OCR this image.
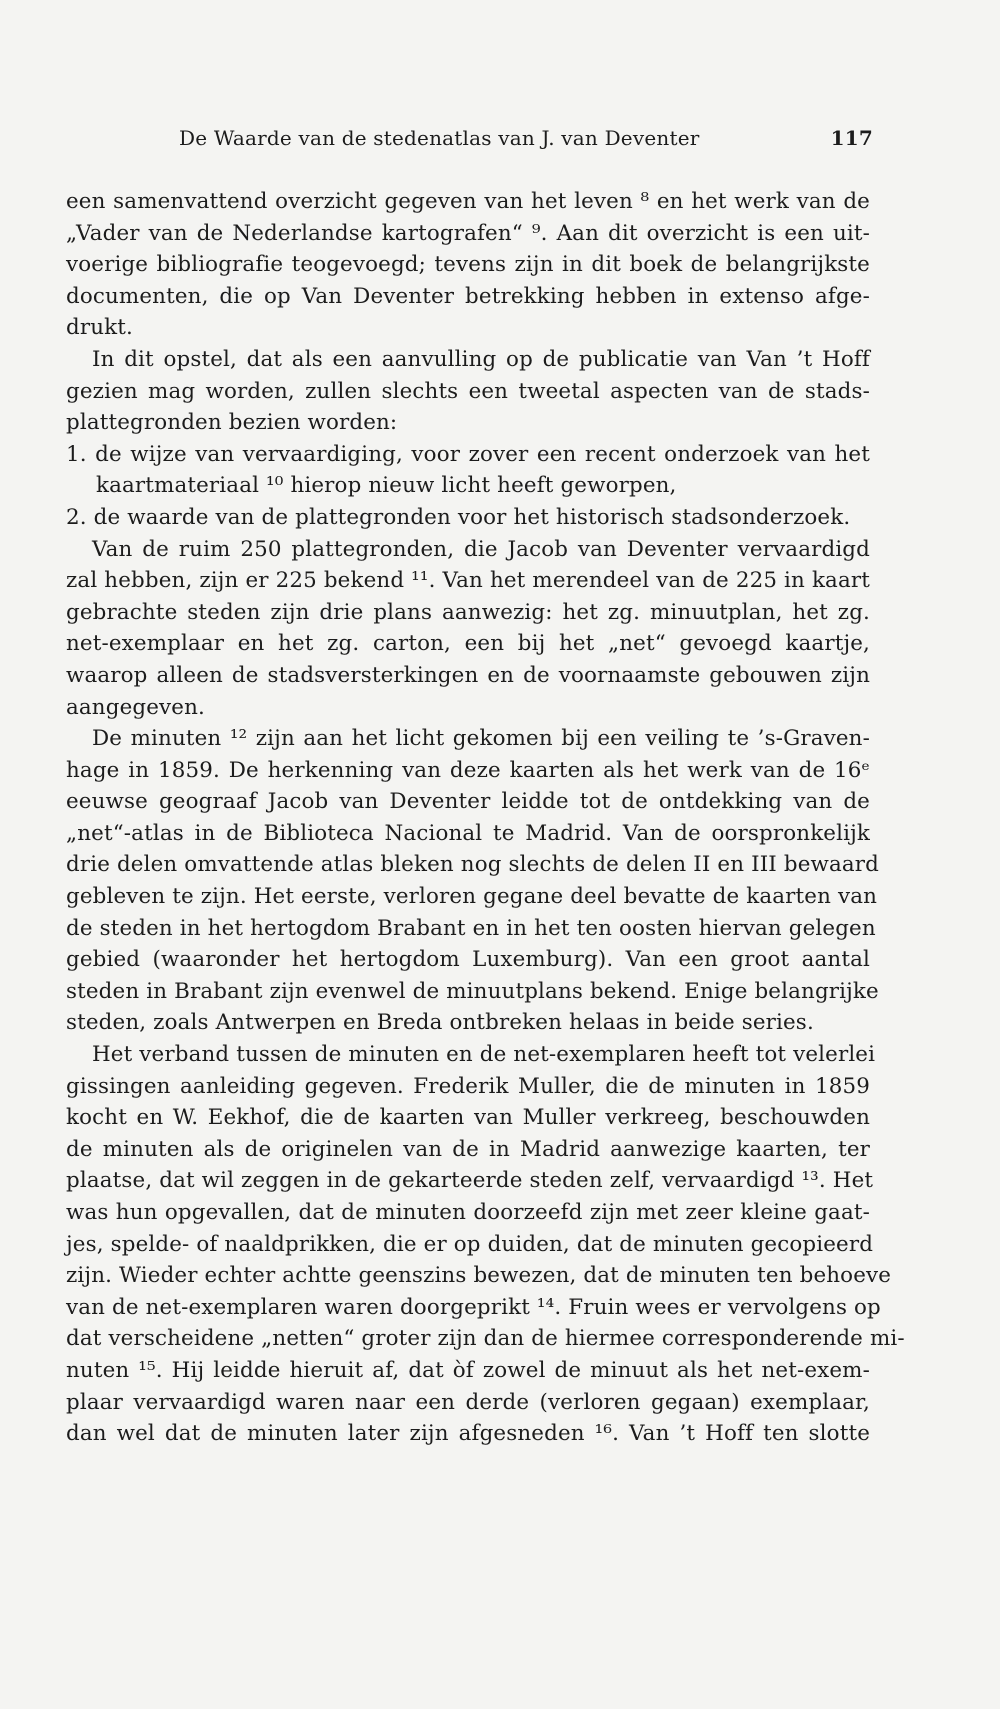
De Waarde van de stedenatlas van J. van Deventer	117
een samenvattend overzicht gegeven van het leven ⁸ en het werk van de
„Vader van de Nederlandse kartografen“ ⁹. Aan dit overzicht is een uit-
voerige bibliografie teogevoegd; tevens zijn in dit boek de belangrijkste
documenten, die op Van Deventer betrekking hebben in extenso afge-
drukt.
In dit opstel, dat als een aanvulling op de publicatie van Van ’t Hoff
gezien mag worden, zullen slechts een tweetal aspecten van de stads-
plattegronden bezien worden:
1. de wijze van vervaardiging, voor zover een recent onderzoek van het
kaartmateriaal ¹⁰ hierop nieuw licht heeft geworpen,
2. de waarde van de plattegronden voor het historisch stadsonderzoek.
Van de ruim 250 plattegronden, die Jacob van Deventer vervaardigd
zal hebben, zijn er 225 bekend ¹¹. Van het merendeel van de 225 in kaart
gebrachte steden zijn drie plans aanwezig: het zg. minuutplan, het zg.
net-exemplaar en het zg. carton, een bij het „net“ gevoegd kaartje,
waarop alleen de stadsversterkingen en de voornaamste gebouwen zijn
aangegeven.
De minuten ¹² zijn aan het licht gekomen bij een veiling te ’s-Graven-
hage in 1859. De herkenning van deze kaarten als het werk van de 16ᵉ
eeuwse geograaf Jacob van Deventer leidde tot de ontdekking van de
„net“-atlas in de Biblioteca Nacional te Madrid. Van de oorspronkelijk
drie delen omvattende atlas bleken nog slechts de delen II en III bewaard
gebleven te zijn. Het eerste, verloren gegane deel bevatte de kaarten van
de steden in het hertogdom Brabant en in het ten oosten hiervan gelegen
gebied (waaronder het hertogdom Luxemburg). Van een groot aantal
steden in Brabant zijn evenwel de minuutplans bekend. Enige belangrijke
steden, zoals Antwerpen en Breda ontbreken helaas in beide series.
Het verband tussen de minuten en de net-exemplaren heeft tot velerlei
gissingen aanleiding gegeven. Frederik Muller, die de minuten in 1859
kocht en W. Eekhof, die de kaarten van Muller verkreeg, beschouwden
de minuten als de originelen van de in Madrid aanwezige kaarten, ter
plaatse, dat wil zeggen in de gekarteerde steden zelf, vervaardigd ¹³. Het
was hun opgevallen, dat de minuten doorzeefd zijn met zeer kleine gaat-
jes, spelde- of naaldprikken, die er op duiden, dat de minuten gecopieerd
zijn. Wieder echter achtte geenszins bewezen, dat de minuten ten behoeve
van de net-exemplaren waren doorgeprikt ¹⁴. Fruin wees er vervolgens op
dat verscheidene „netten“ groter zijn dan de hiermee corresponderende mi-
nuten ¹⁵. Hij leidde hieruit af, dat òf zowel de minuut als het net-exem-
plaar vervaardigd waren naar een derde (verloren gegaan) exemplaar,
dan wel dat de minuten later zijn afgesneden ¹⁶. Van ’t Hoff ten slotte
